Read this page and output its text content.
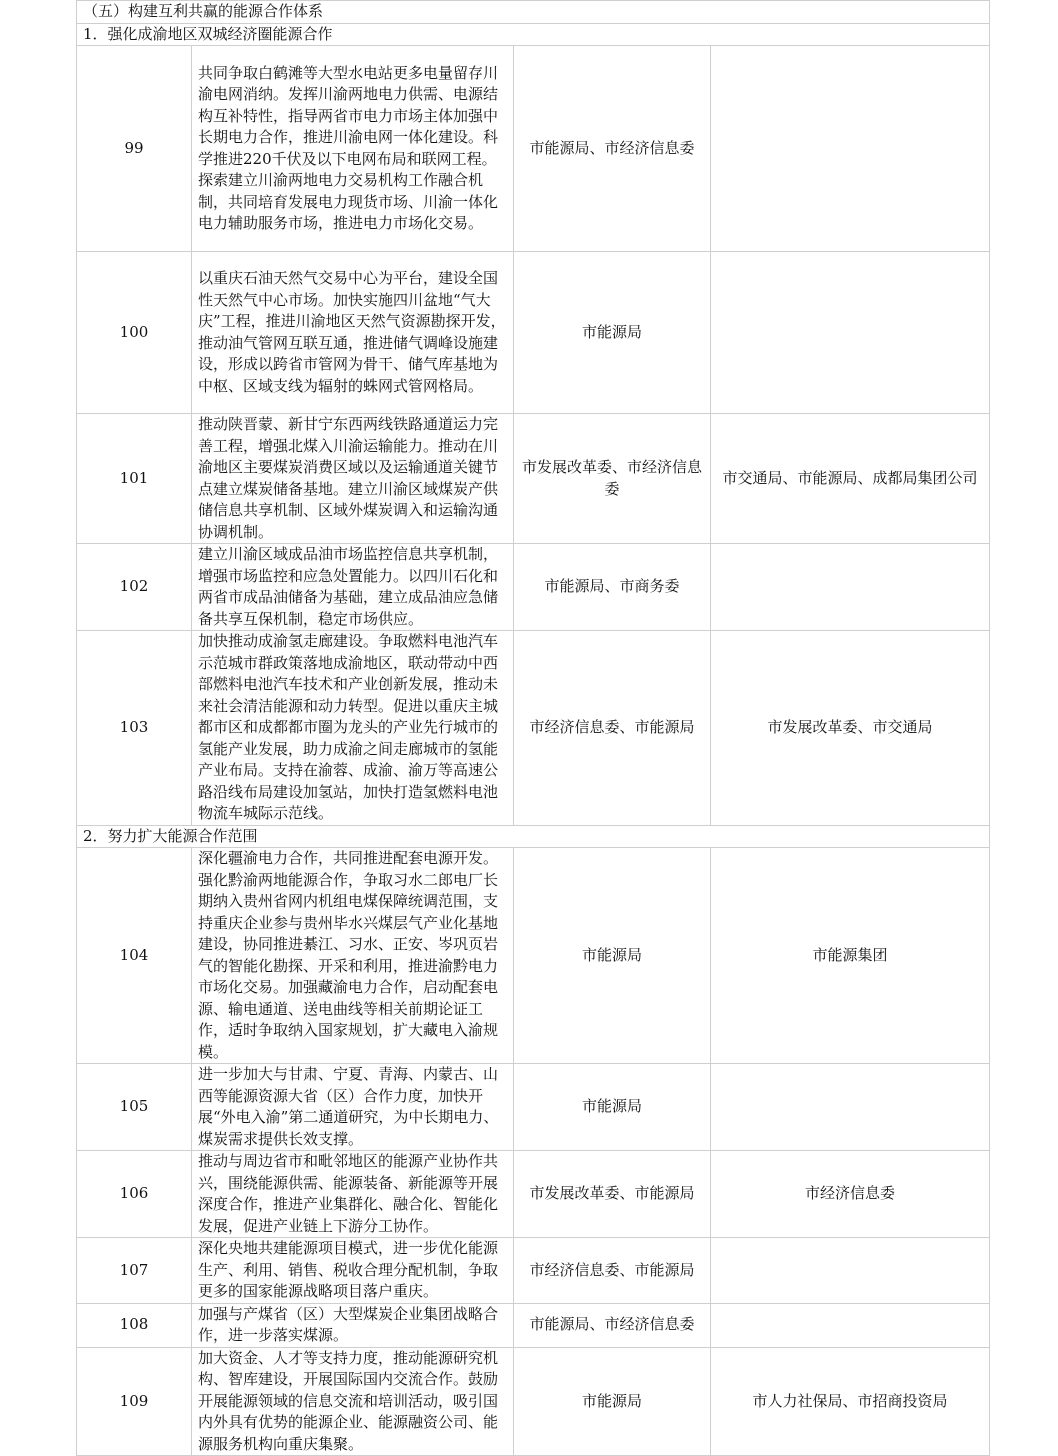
（五）构建互利共赢的能源合作体系			
1．强化成渝地区双城经济圈能源合作			
99	共同争取白鹤滩等大型水电站更多电量留存川渝电网消纳。发挥川渝两地电力供需、电源结构互补特性，指导两省市电力市场主体加强中长期电力合作，推进川渝电网一体化建设。科学推进220千伏及以下电网布局和联网工程。探索建立川渝两地电力交易机构工作融合机制，共同培育发展电力现货市场、川渝一体化电力辅助服务市场，推进电力市场化交易。	市能源局、市经济信息委	
100	以重庆石油天然气交易中心为平台，建设全国性天然气中心市场。加快实施四川盆地“气大庆”工程，推进川渝地区天然气资源勘探开发，推动油气管网互联互通，推进储气调峰设施建设，形成以跨省市管网为骨干、储气库基地为中枢、区域支线为辐射的蛛网式管网格局。	市能源局	
101	推动陕晋蒙、新甘宁东西两线铁路通道运力完善工程，增强北煤入川渝运输能力。推动在川渝地区主要煤炭消费区域以及运输通道关键节点建立煤炭储备基地。建立川渝区域煤炭产供储信息共享机制、区域外煤炭调入和运输沟通协调机制。	市发展改革委、市经济信息委	市交通局、市能源局、成都局集团公司
102	建立川渝区域成品油市场监控信息共享机制，增强市场监控和应急处置能力。以四川石化和两省市成品油储备为基础，建立成品油应急储备共享互保机制，稳定市场供应。	市能源局、市商务委	
103	加快推动成渝氢走廊建设。争取燃料电池汽车示范城市群政策落地成渝地区，联动带动中西部燃料电池汽车技术和产业创新发展，推动未来社会清洁能源和动力转型。促进以重庆主城都市区和成都都市圈为龙头的产业先行城市的氢能产业发展，助力成渝之间走廊城市的氢能产业布局。支持在渝蓉、成渝、渝万等高速公路沿线布局建设加氢站，加快打造氢燃料电池物流车城际示范线。	市经济信息委、市能源局	市发展改革委、市交通局
2．努力扩大能源合作范围			
104	深化疆渝电力合作，共同推进配套电源开发。强化黔渝两地能源合作，争取习水二郎电厂长期纳入贵州省网内机组电煤保障统调范围，支持重庆企业参与贵州毕水兴煤层气产业化基地建设，协同推进綦江、习水、正安、岑巩页岩气的智能化勘探、开采和利用，推进渝黔电力市场化交易。加强藏渝电力合作，启动配套电源、输电通道、送电曲线等相关前期论证工作，适时争取纳入国家规划，扩大藏电入渝规模。	市能源局	市能源集团
105	进一步加大与甘肃、宁夏、青海、内蒙古、山西等能源资源大省（区）合作力度，加快开展“外电入渝”第二通道研究，为中长期电力、煤炭需求提供长效支撑。	市能源局	
106	推动与周边省市和毗邻地区的能源产业协作共兴，围绕能源供需、能源装备、新能源等开展深度合作，推进产业集群化、融合化、智能化发展，促进产业链上下游分工协作。	市发展改革委、市能源局	市经济信息委
107	深化央地共建能源项目模式，进一步优化能源生产、利用、销售、税收合理分配机制，争取更多的国家能源战略项目落户重庆。	市经济信息委、市能源局	
108	加强与产煤省（区）大型煤炭企业集团战略合作，进一步落实煤源。	市能源局、市经济信息委	
109	加大资金、人才等支持力度，推动能源研究机构、智库建设，开展国际国内交流合作。鼓励开展能源领域的信息交流和培训活动，吸引国内外具有优势的能源企业、能源融资公司、能源服务机构向重庆集聚。	市能源局	市人力社保局、市招商投资局
